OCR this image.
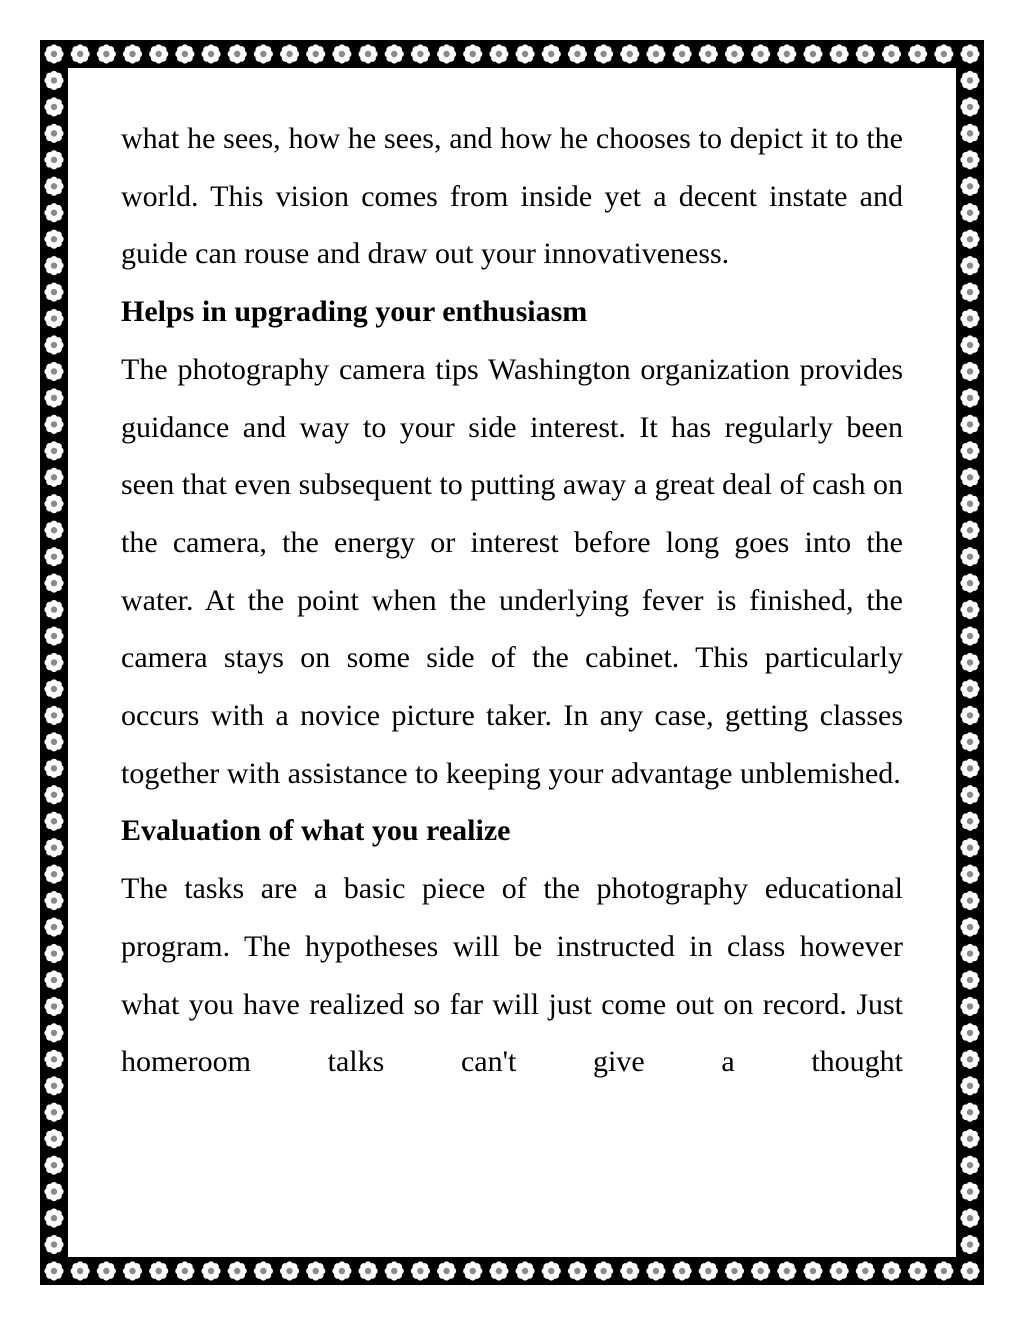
what he sees, how he sees, and how he chooses to depict it to the world. This vision comes from inside yet a decent instate and guide can rouse and draw out your innovativeness.

Helps in upgrading your enthusiasm

The photography camera tips Washington organization provides guidance and way to your side interest. It has regularly been seen that even subsequent to putting away a great deal of cash on the camera, the energy or interest before long goes into the water. At the point when the underlying fever is finished, the camera stays on some side of the cabinet. This particularly occurs with a novice picture taker. In any case, getting classes together with assistance to keeping your advantage unblemished.

Evaluation of what you realize

The tasks are a basic piece of the photography educational program. The hypotheses will be instructed in class however what you have realized so far will just come out on record. Just homeroom talks can't give a thought
